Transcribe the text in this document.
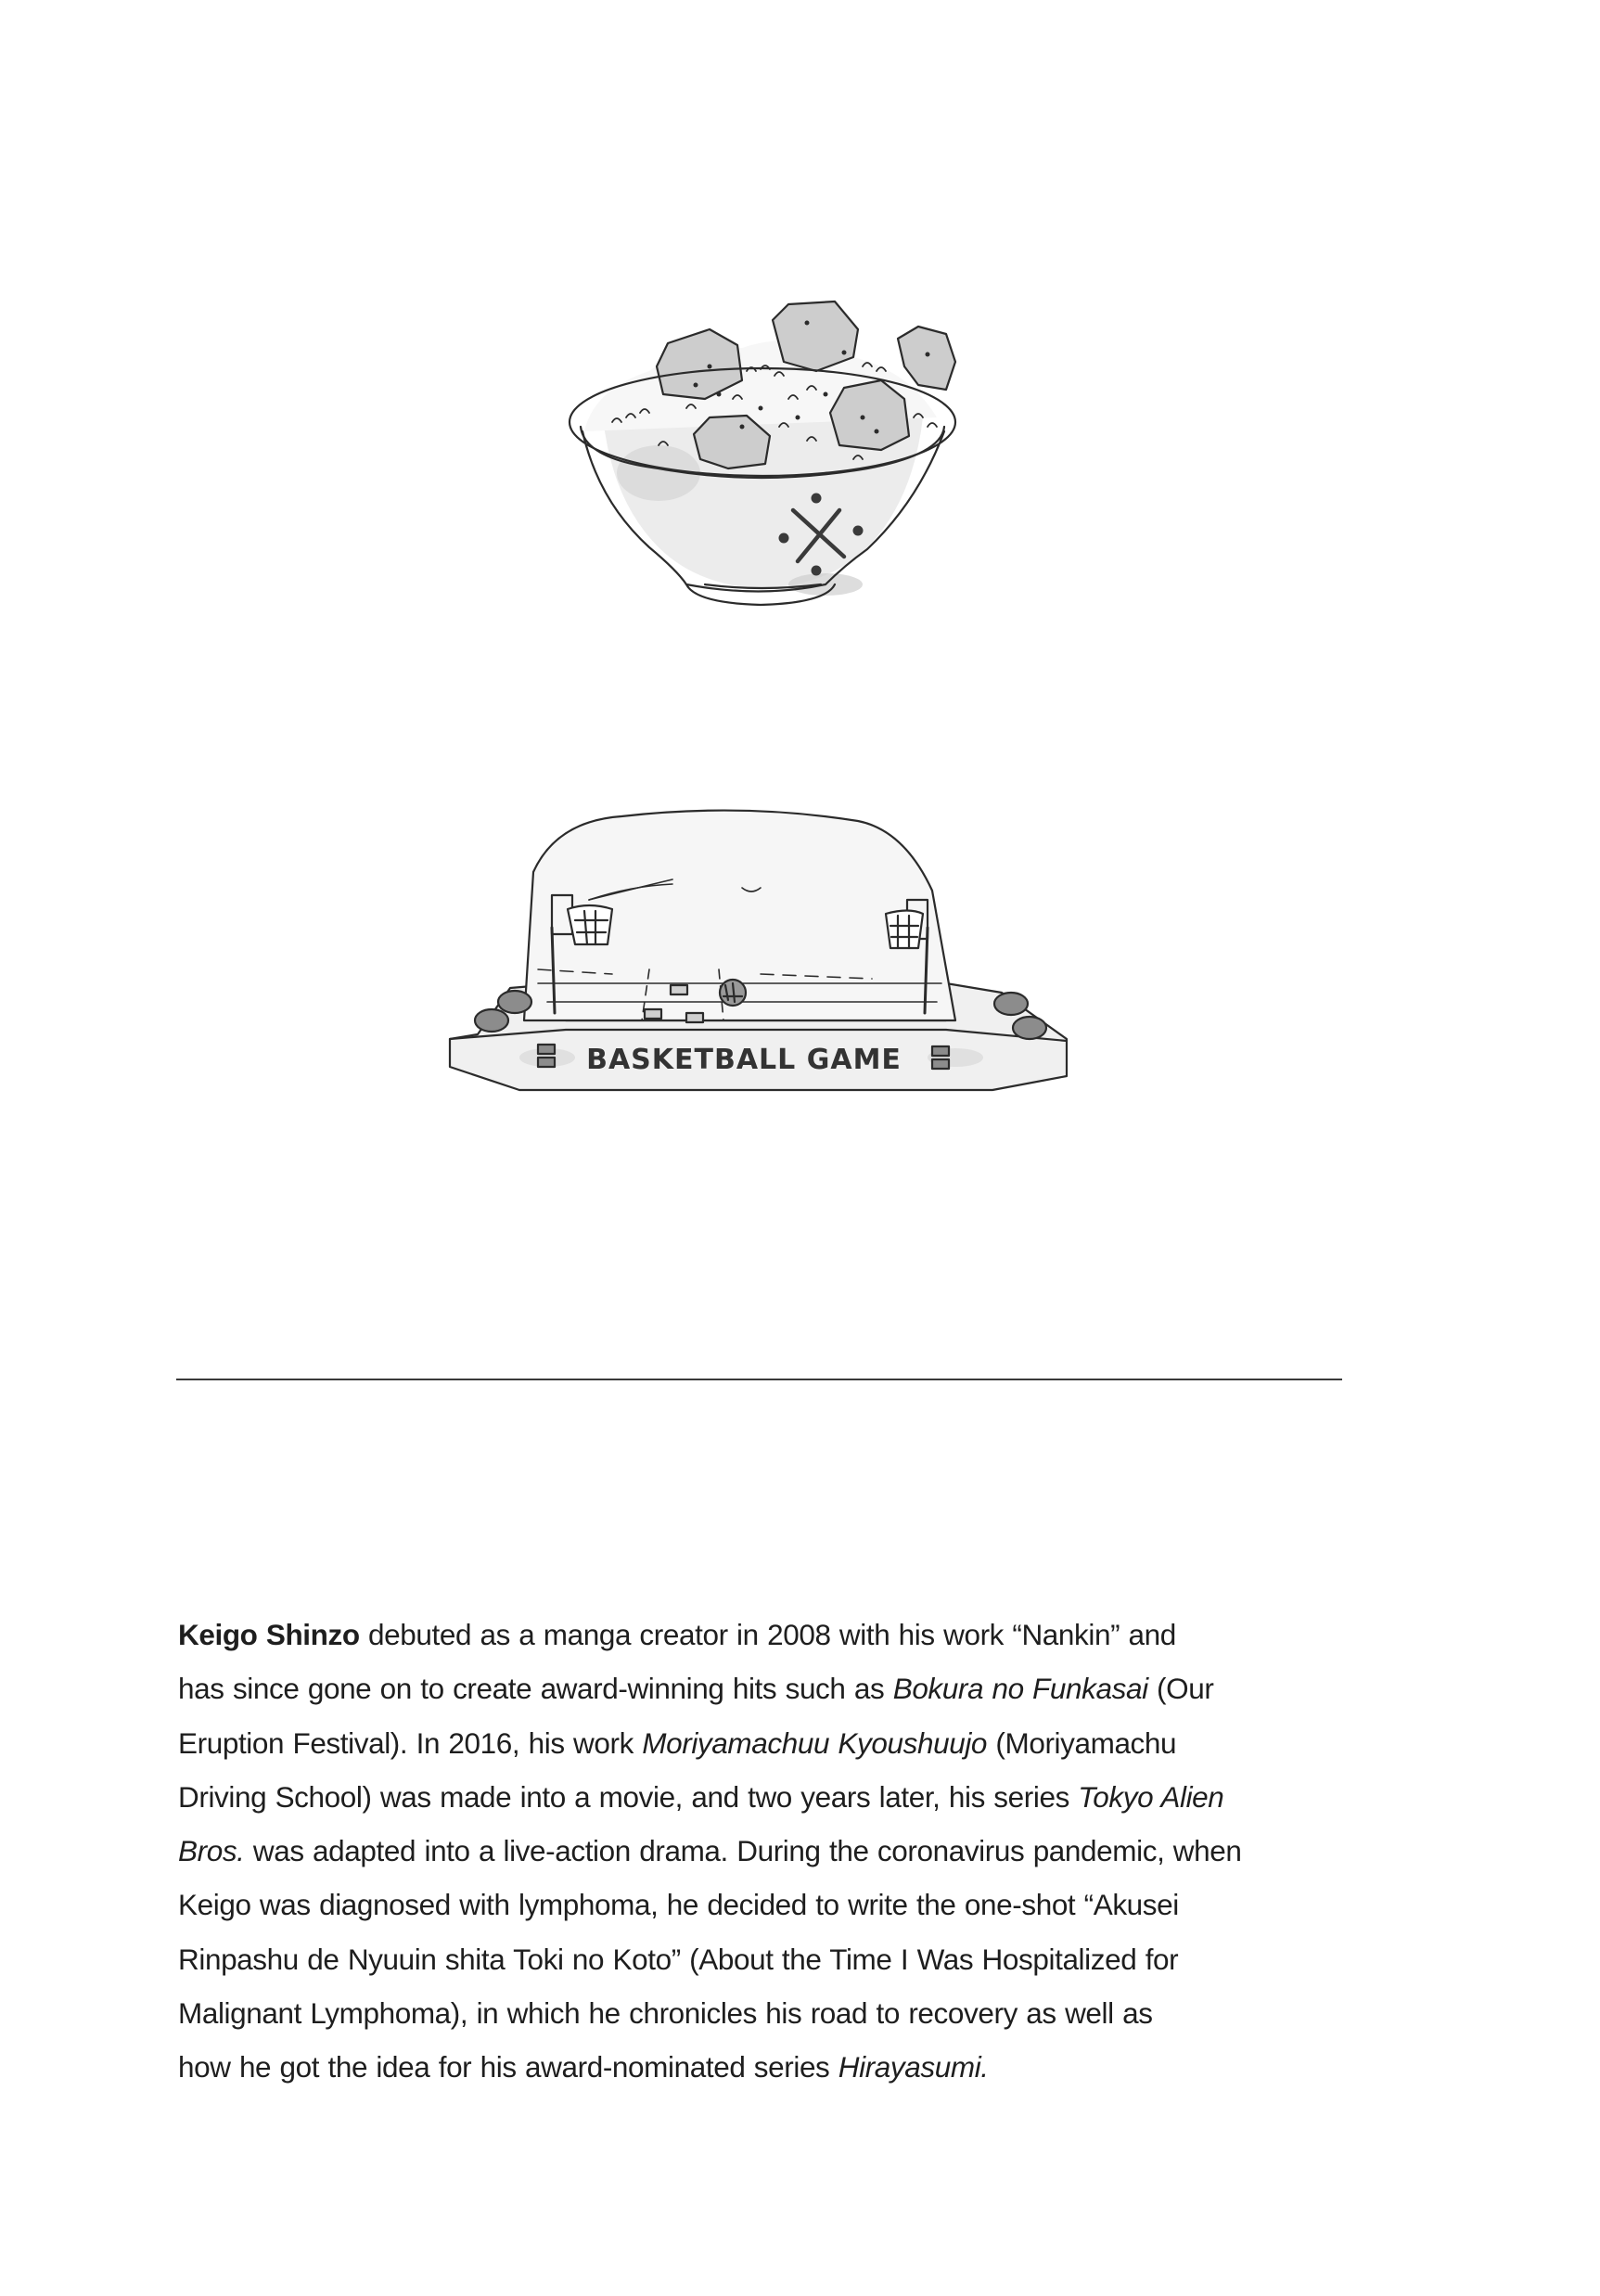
BASKETBALL GAME
Keigo Shinzo debuted as a manga creator in 2008 with his work “Nankin” and
has since gone on to create award-winning hits such as Bokura no Funkasai (Our
Eruption Festival). In 2016, his work Moriyamachuu Kyoushuujo (Moriyamachu
Driving School) was made into a movie, and two years later, his series Tokyo Alien
Bros. was adapted into a live-action drama. During the coronavirus pandemic, when
Keigo was diagnosed with lymphoma, he decided to write the one-shot “Akusei
Rinpashu de Nyuuin shita Toki no Koto” (About the Time I Was Hospitalized for
Malignant Lymphoma), in which he chronicles his road to recovery as well as
how he got the idea for his award-nominated series Hirayasumi.
